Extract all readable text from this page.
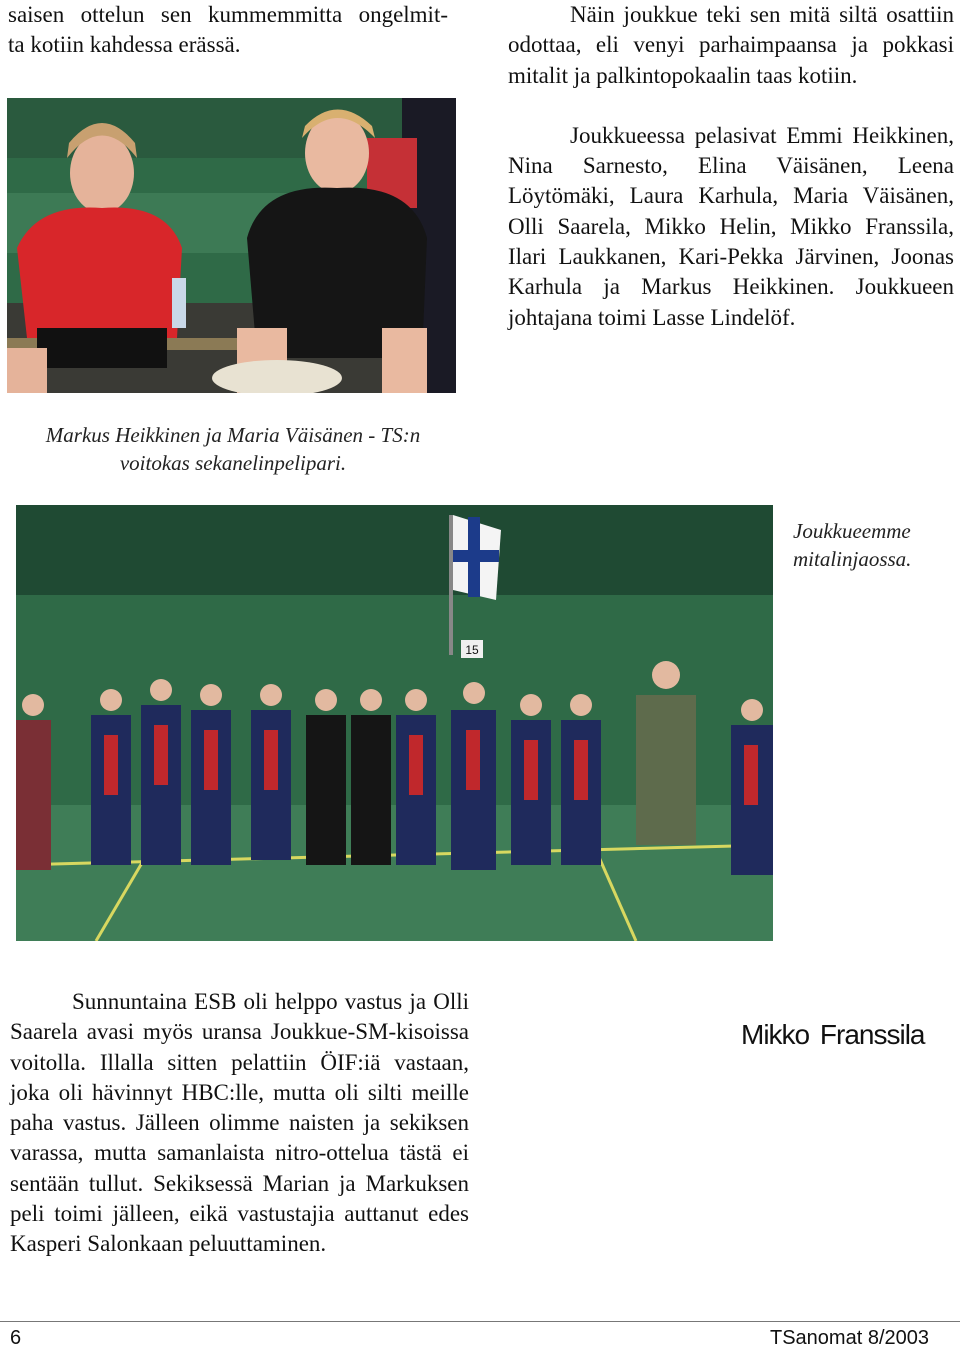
saisen ottelun sen kummemmitta ongelmit-
ta kotiin kahdessa erässä.

Näin joukkue teki sen mitä siltä osattiin odottaa, eli venyi parhaimpaansa ja pokkasi mitalit ja palkintopokaalin taas kotiin.

Joukkueessa pelasivat Emmi Heikkinen, Nina Sarnesto, Elina Väisänen, Leena Löytömäki, Laura Karhula, Maria Väisänen, Olli Saarela, Mikko Helin, Mikko Franssila, Ilari Laukkanen, Kari-Pekka Järvinen, Joonas Karhula ja Markus Heikkinen. Joukkueen johtajana toimi Lasse Lindelöf.

Markus Heikkinen ja Maria Väisänen - TS:n
voitokas sekanelinpelipari.
15
Joukkueemme
mitalinjaossa.

Sunnuntaina ESB oli helppo vastus ja Olli Saarela avasi myös uransa Joukkue-SM-kisoissa voitolla. Illalla sitten pelattiin ÖIF:iä vastaan, joka oli hävinnyt HBC:lle, mutta oli silti meille paha vastus. Jälleen olimme naisten ja sekiksen varassa, mutta samanlaista nitro-ottelua tästä ei sentään tullut. Sekiksessä Marian ja Markuksen peli toimi jälleen, eikä vastustajia auttanut edes Kasperi Salonkaan peluuttaminen.

Mikko Franssila
6	TSanomat 8/2003
